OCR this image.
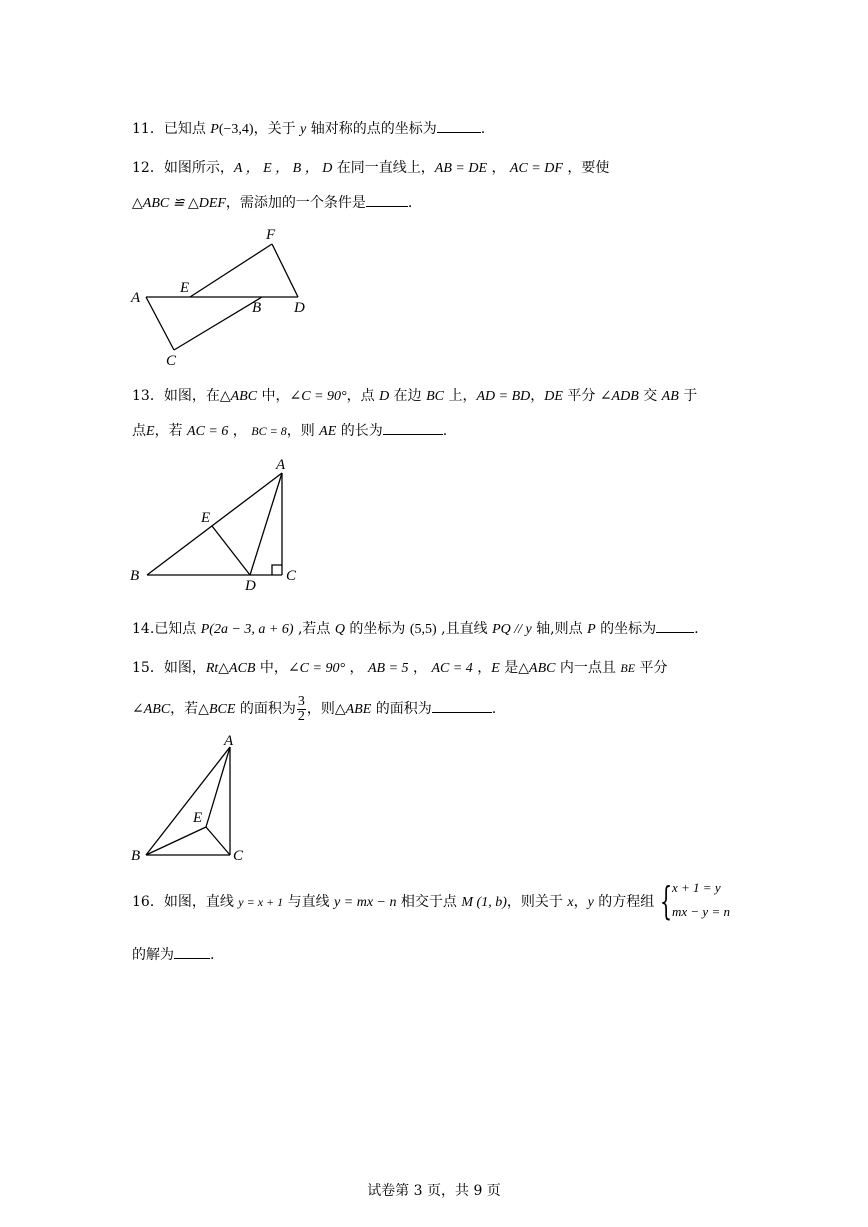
11．已知点 P(−3,4)，关于 y 轴对称的点的坐标为	.
12．如图所示，A ， E ， B ， D 在同一直线上，AB = DE ， AC = DF ，要使
△ABC ≌ △DEF，需添加的一个条件是	.
F
A
E
B D
C
13．如图，在△ABC 中，∠C = 90°，点 D 在边 BC 上，AD = BD，DE 平分 ∠ADB 交 AB 于
点E，若 AC = 6 ， BC = 8，则 AE 的长为	.
A
E
B
D
C
14.已知点 P(2a − 3, a + 6) ,若点 Q 的坐标为 (5,5) ,且直线 PQ // y 轴,则点 P 的坐标为	.
15．如图，Rt△ACB 中，∠C = 90° ， AB = 5 ， AC = 4 ，E 是△ABC 内一点且 BE 平分
∠ABC，若△BCE 的面积为 $\frac{3}{2}$ ，则△ABE 的面积为	.
A
E
B	C
16．如图，直线 y = x + 1 与直线 y = mx − n 相交于点 M (1, b)，则关于 x，y 的方程组 { x + 1 = y
mx − y = n
的解为	.
试卷第 3 页，共 9 页
